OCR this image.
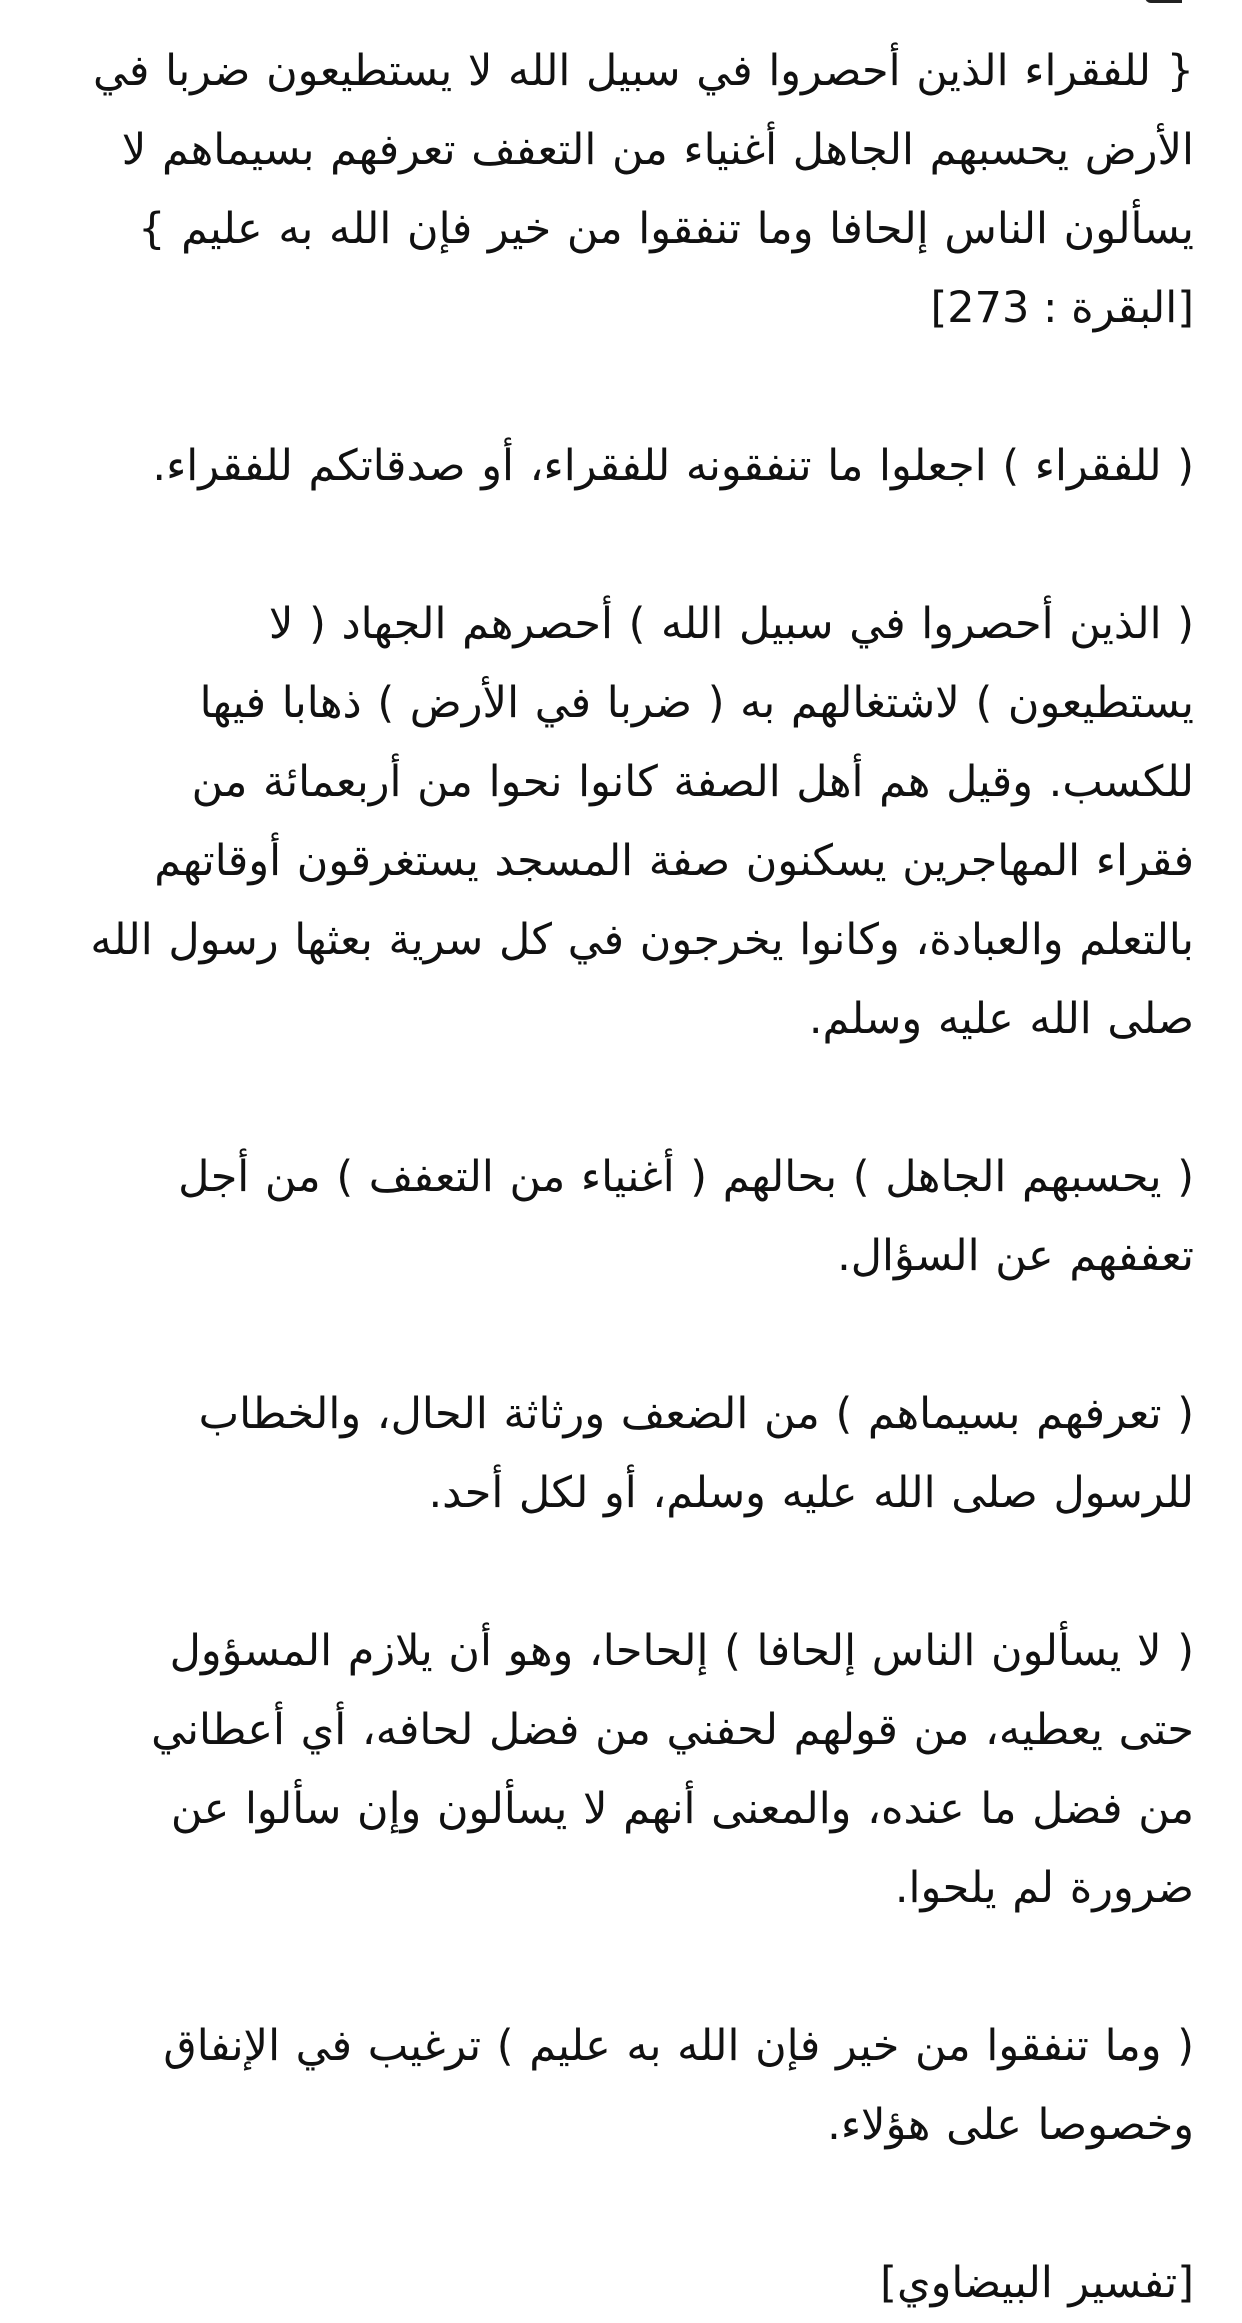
{ للفقراء الذين أحصروا في سبيل الله لا يستطيعون ضربا في الأرض يحسبهم الجاهل أغنياء من التعفف تعرفهم بسيماهم لا يسألون الناس إلحافا وما تنفقوا من خير فإن الله به عليم }

[البقرة : 273]

( للفقراء ) اجعلوا ما تنفقونه للفقراء، أو صدقاتكم للفقراء.

( الذين أحصروا في سبيل الله ) أحصرهم الجهاد ( لا يستطيعون ) لاشتغالهم به ( ضربا في الأرض ) ذهابا فيها للكسب. وقيل هم أهل الصفة كانوا نحوا من أربعمائة من فقراء المهاجرين يسكنون صفة المسجد يستغرقون أوقاتهم بالتعلم والعبادة، وكانوا يخرجون في كل سرية بعثها رسول الله صلى الله عليه وسلم.

( يحسبهم الجاهل ) بحالهم ( أغنياء من التعفف ) من أجل تعففهم عن السؤال.

( تعرفهم بسيماهم ) من الضعف ورثاثة الحال، والخطاب للرسول صلى الله عليه وسلم، أو لكل أحد.

( لا يسألون الناس إلحافا ) إلحاحا، وهو أن يلازم المسؤول حتى يعطيه، من قولهم لحفني من فضل لحافه، أي أعطاني من فضل ما عنده، والمعنى أنهم لا يسألون وإن سألوا عن ضرورة لم يلحوا.

( وما تنفقوا من خير فإن الله به عليم ) ترغيب في الإنفاق وخصوصا على هؤلاء.

[تفسير البيضاوي]
